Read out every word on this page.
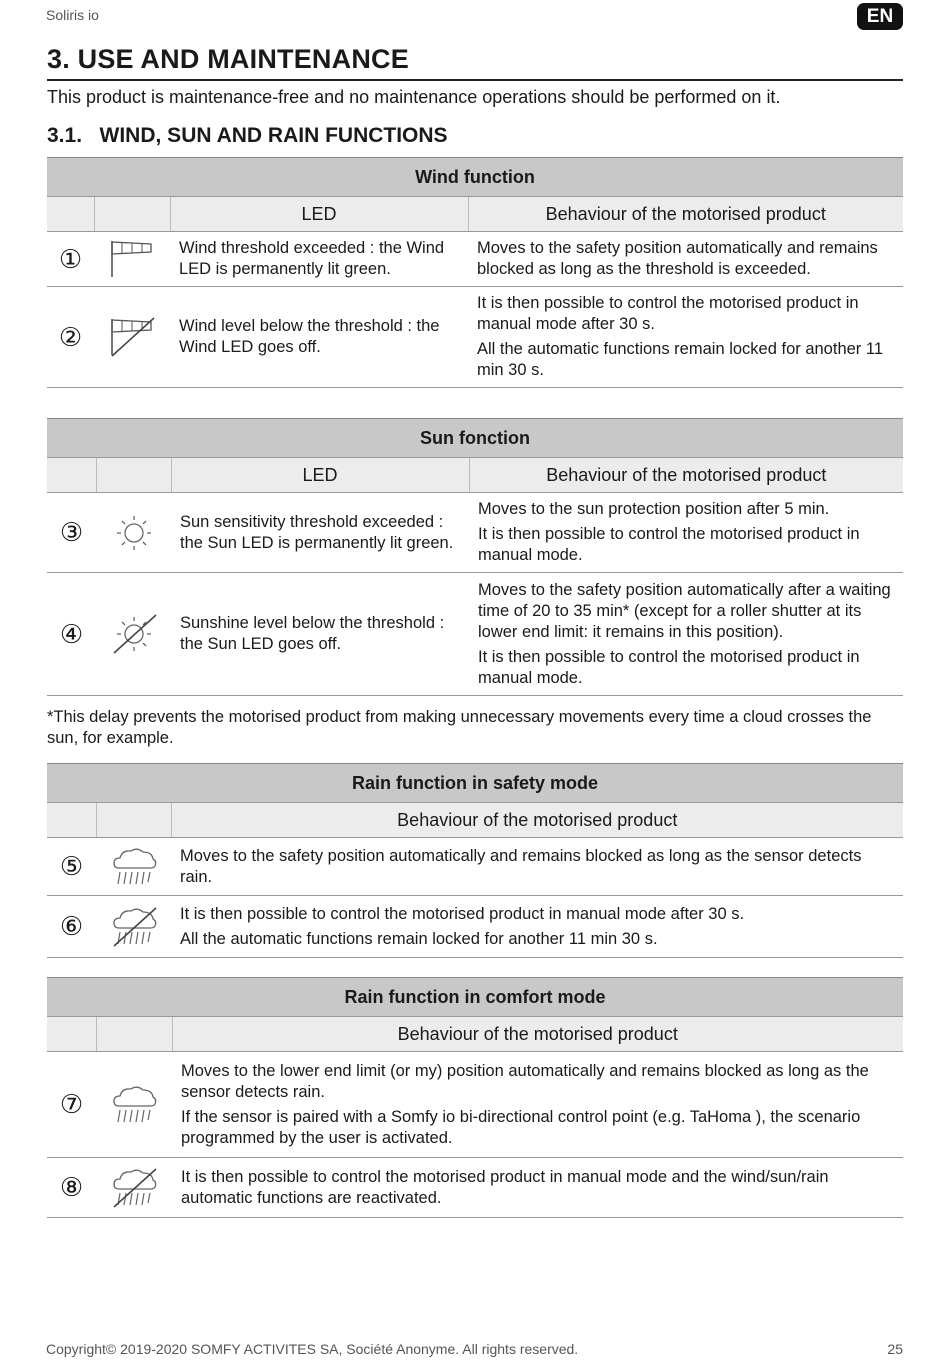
Soliris io	EN
3. USE AND MAINTENANCE
This product is maintenance-free and no maintenance operations should be performed on it.
3.1.   WIND, SUN AND RAIN FUNCTIONS
Wind function			
		LED	Behaviour of the motorised product
①		Wind threshold exceeded : the Wind LED is permanently lit green.	Moves to the safety position automatically and remains blocked as long as the threshold is exceeded.

②		Wind level below the threshold : the Wind LED goes off.	It is then possible to control the motorised product in manual mode after 30 s.
All the automatic functions remain locked for another 11 min 30 s.
Sun fonction			
		LED	Behaviour of the motorised product
③		Sun sensitivity threshold exceeded : the Sun LED is permanently lit green.	Moves to the sun protection position after 5 min.
It is then possible to control the motorised product in manual mode.

④		Sunshine level below the threshold : the Sun LED goes off.	Moves to the safety position automatically after a waiting time of 20 to 35 min* (except for a roller shutter at its lower end limit: it remains in this position).
It is then possible to control the motorised product in manual mode.
*This delay prevents the motorised product from making unnecessary movements every time a cloud crosses the sun, for example.
Rain function in safety mode		
		Behaviour of the motorised product
⑤		Moves to the safety position automatically and remains blocked as long as the sensor detects rain.

⑥		It is then possible to control the motorised product in manual mode after 30 s.
All the automatic functions remain locked for another 11 min 30 s.
Rain function in comfort mode		
		Behaviour of the motorised product
⑦		Moves to the lower end limit (or my) position automatically and remains blocked as long as the sensor detects rain.
If the sensor is paired with a Somfy io bi-directional control point (e.g. TaHoma ), the scenario programmed by the user is activated.

⑧		It is then possible to control the motorised product in manual mode and the wind/sun/rain automatic functions are reactivated.
Copyright© 2019-2020 SOMFY ACTIVITES SA, Société Anonyme. All rights reserved.	25
